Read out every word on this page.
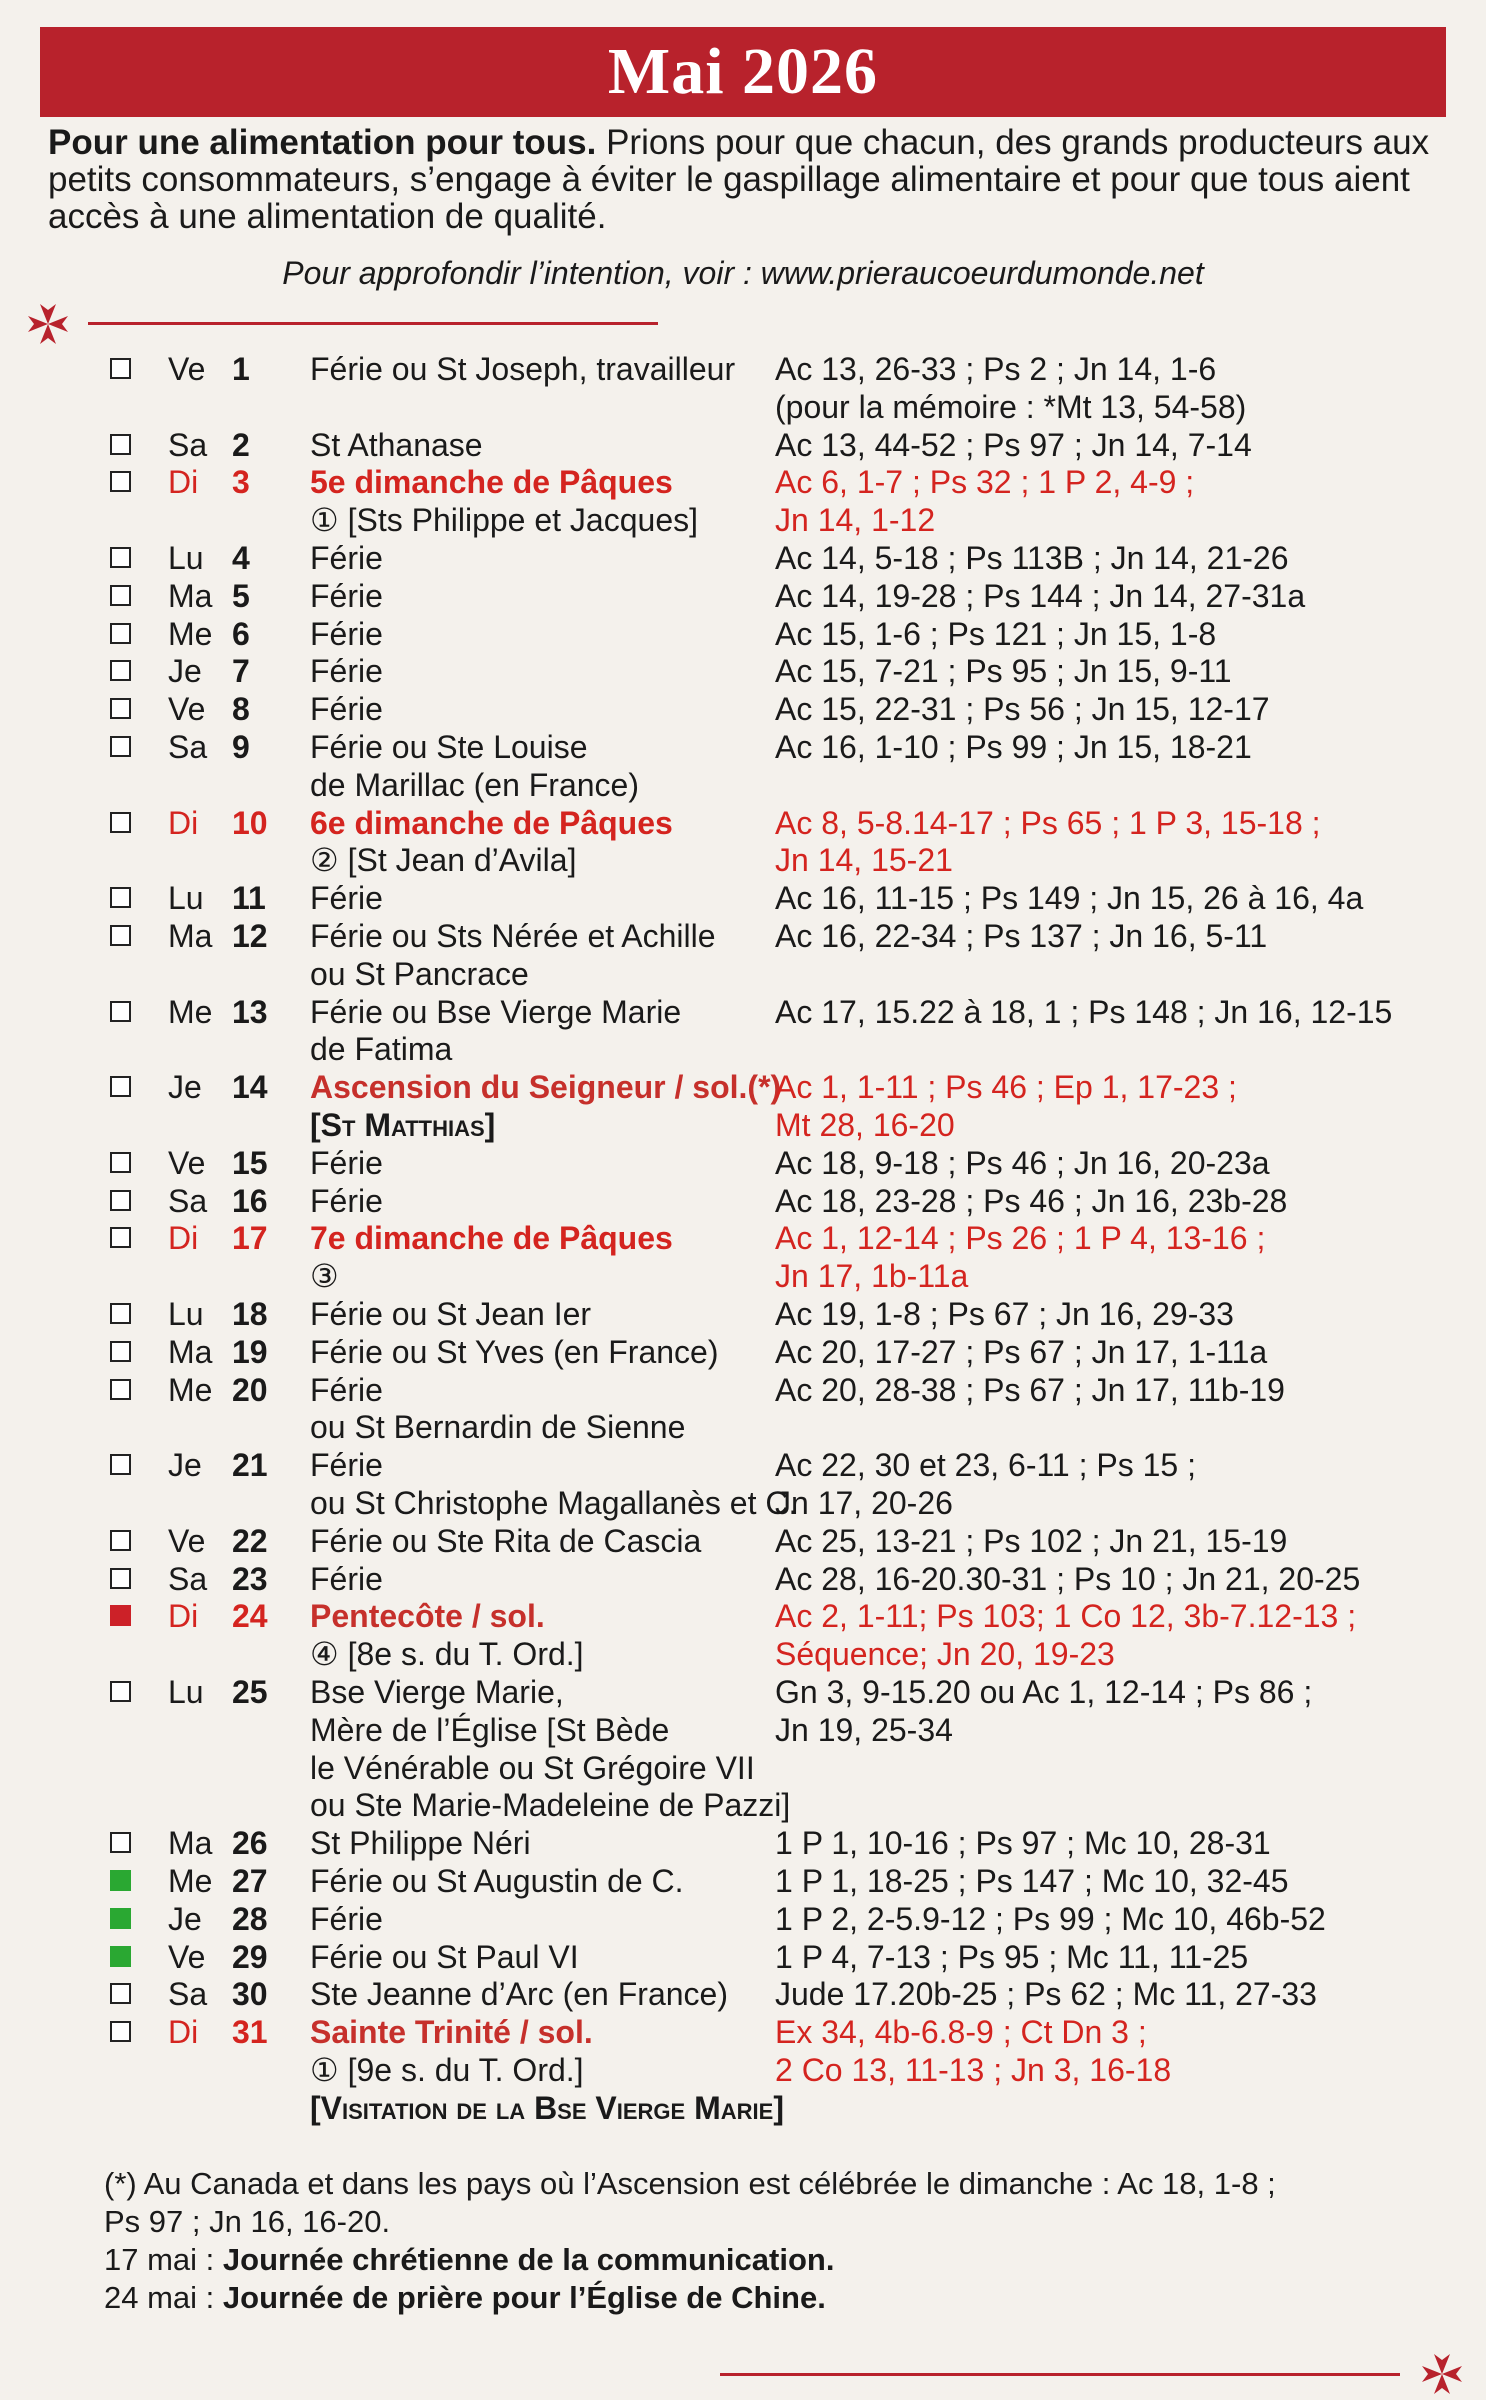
Mai 2026
Pour une alimentation pour tous. Prions pour que chacun, des grands producteurs aux petits consommateurs, s’engage à éviter le gaspillage alimentaire et pour que tous aient accès à une alimentation de qualité.
Pour approfondir l’intention, voir : www.prieraucoeurdumonde.net
Ve 1 Férie ou St Joseph, travailleur Ac 13, 26-33 ; Ps 2 ; Jn 14, 1-6
(pour la mémoire : *Mt 13, 54-58)
Sa 2 St Athanase	Ac 13, 44-52 ; Ps 97 ; Jn 14, 7-14
Di 3 5e dimanche de Pâques	Ac 6, 1-7 ; Ps 32 ; 1 P 2, 4-9 ;
① [Sts Philippe et Jacques] Jn 14, 1-12
Lu 4 Férie	Ac 14, 5-18 ; Ps 113B ; Jn 14, 21-26
Ma 5 Férie	Ac 14, 19-28 ; Ps 144 ; Jn 14, 27-31a
Me 6 Férie	Ac 15, 1-6 ; Ps 121 ; Jn 15, 1-8
Je 7 Férie	Ac 15, 7-21 ; Ps 95 ; Jn 15, 9-11
Ve 8 Férie	Ac 15, 22-31 ; Ps 56 ; Jn 15, 12-17
Sa 9 Férie ou Ste Louise	Ac 16, 1-10 ; Ps 99 ; Jn 15, 18-21
de Marillac (en France)
Di 10 6e dimanche de Pâques	Ac 8, 5-8.14-17 ; Ps 65 ; 1 P 3, 15-18 ;
② [St Jean d’Avila]	Jn 14, 15-21
Lu 11 Férie	Ac 16, 11-15 ; Ps 149 ; Jn 15, 26 à 16, 4a
Ma 12 Férie ou Sts Nérée et Achille Ac 16, 22-34 ; Ps 137 ; Jn 16, 5-11
ou St Pancrace
Me 13 Férie ou Bse Vierge Marie	Ac 17, 15.22 à 18, 1 ; Ps 148 ; Jn 16, 12-15
de Fatima
Je 14 Ascension du Seigneur / sol.(*)
Ac 1, 1-11 ; Ps 46 ; Ep 1, 17-23 ;
[St Matthias]	Mt 28, 16-20
Ve 15 Férie	Ac 18, 9-18 ; Ps 46 ; Jn 16, 20-23a
Sa 16 Férie	Ac 18, 23-28 ; Ps 46 ; Jn 16, 23b-28
Di 17 7e dimanche de Pâques	Ac 1, 12-14 ; Ps 26 ; 1 P 4, 13-16 ;
③	Jn 17, 1b-11a
Lu 18 Férie ou St Jean Ier	Ac 19, 1-8 ; Ps 67 ; Jn 16, 29-33
Ma 19 Férie ou St Yves (en France) Ac 20, 17-27 ; Ps 67 ; Jn 17, 1-11a
Me 20 Férie	Ac 20, 28-38 ; Ps 67 ; Jn 17, 11b-19
ou St Bernardin de Sienne
Je 21 Férie	Ac 22, 30 et 23, 6-11 ; Ps 15 ;
ou St Christophe Magallanès et C.
Jn 17, 20-26
Ve 22 Férie ou Ste Rita de Cascia Ac 25, 13-21 ; Ps 102 ; Jn 21, 15-19
Sa 23 Férie	Ac 28, 16-20.30-31 ; Ps 10 ; Jn 21, 20-25
Di 24 Pentecôte / sol.	Ac 2, 1-11; Ps 103; 1 Co 12, 3b-7.12-13 ;
④ [8e s. du T. Ord.]	Séquence; Jn 20, 19-23
Lu 25 Bse Vierge Marie,	Gn 3, 9-15.20 ou Ac 1, 12-14 ; Ps 86 ;
Mère de l’Église [St Bède	Jn 19, 25-34
le Vénérable ou St Grégoire VII
ou Ste Marie-Madeleine de Pazzi]
Ma 26 St Philippe Néri	1 P 1, 10-16 ; Ps 97 ; Mc 10, 28-31
Me 27 Férie ou St Augustin de C.	1 P 1, 18-25 ; Ps 147 ; Mc 10, 32-45
Je 28 Férie	1 P 2, 2-5.9-12 ; Ps 99 ; Mc 10, 46b-52
Ve 29 Férie ou St Paul VI	1 P 4, 7-13 ; Ps 95 ; Mc 11, 11-25
Sa 30 Ste Jeanne d’Arc (en France) Jude 17.20b-25 ; Ps 62 ; Mc 11, 27-33
Di 31 Sainte Trinité / sol.	Ex 34, 4b-6.8-9 ; Ct Dn 3 ;
① [9e s. du T. Ord.]	2 Co 13, 11-13 ; Jn 3, 16-18
[Visitation de la Bse Vierge Marie]
(*) Au Canada et dans les pays où l’Ascension est célébrée le dimanche : Ac 18, 1-8 ;
Ps 97 ; Jn 16, 16-20.
17 mai : Journée chrétienne de la communication.
24 mai : Journée de prière pour l’Église de Chine.
